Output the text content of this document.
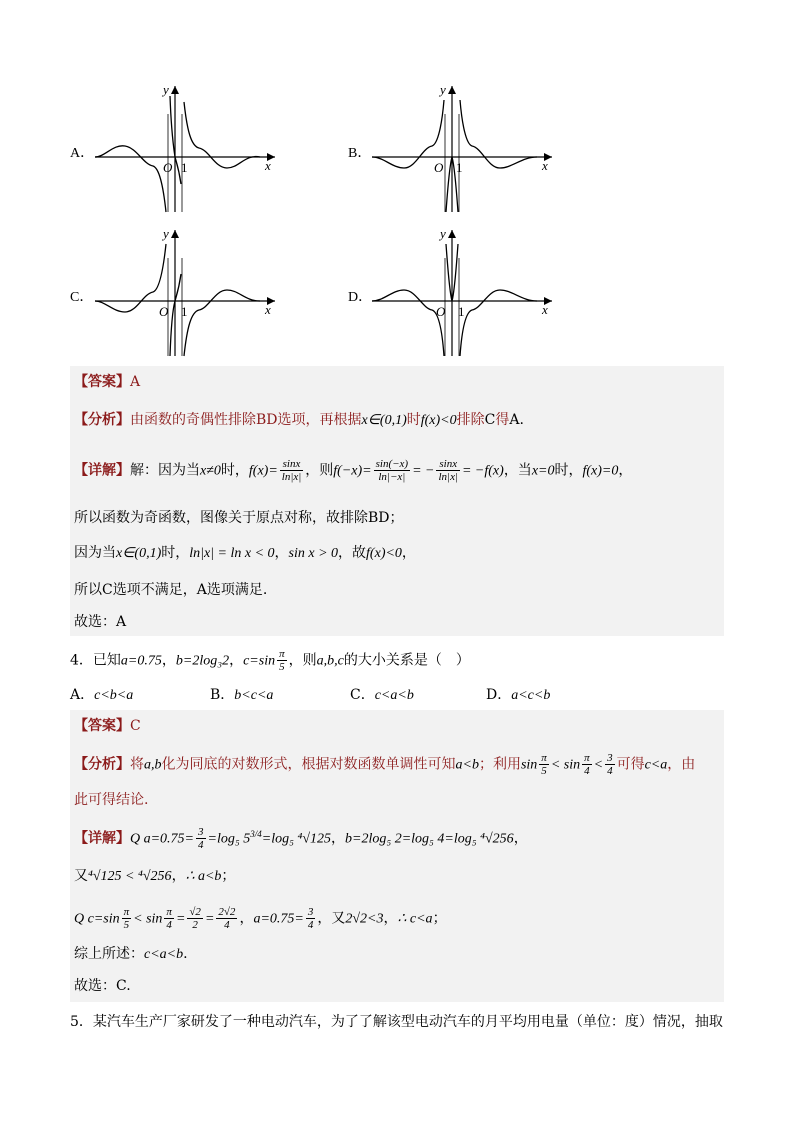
A．	B．
C．	D．
x
y
O 1	x
y
O 1
x
y
O 1	x
y
O 1
【答案】A
【分析】由函数的奇偶性排除BD选项，再根据x∈(0,1)时f(x)<0排除C得A.
【详解】解：因为当x≠0时，$f(x)= \frac{\sin x}{\ln|x|}$ ，则$f(-x)= \frac{\sin(-x)}{\ln|-x|}$ = − $\frac{\sin x}{\ln|x|} = -f(x)$，当x=0时，f(x)=0，
所以函数为奇函数，图像关于原点对称，故排除BD；
因为当x∈(0,1)时，ln|x| = ln x < 0，sin x > 0，故f(x)<0，
所以C选项不满足，A选项满足.
故选：A
4．已知a=0.75，b=2log₃2，$c=\sin \frac{\pi}{5}$ ，则a,b,c的大小关系是（　）
A．c<b<a	B．b<c<a	C．c<a<b	D．a<c<b
【答案】C
【分析】将a,b化为同底的对数形式，根据对数函数单调性可知a<b；利用$\sin \frac{\pi}{5} < \sin \frac{\pi}{4} < \frac{3}{4}$ 可得c<a，由
此可得结论.
【详解】Q $a=0.75= \frac{3}{4} =\log_5$ $5^{3/4}=\log_5$ ⁴√125，b=2log₅ 2=log₅ 4=log₅ ⁴√256，
又⁴√125 < ⁴√256，∴ a<b；
Q $c=\sin \frac{\pi}{5} < \sin \frac{\pi}{4} = \frac{√2}{2} = \frac{2√2}{4}$ ，$a=0.75= \frac{3}{4}$ ，又2√2<3，∴ c<a；
综上所述：c<a<b.
故选：C.
5．某汽车生产厂家研发了一种电动汽车，为了了解该型电动汽车的月平均用电量（单位：度）情况，抽取
